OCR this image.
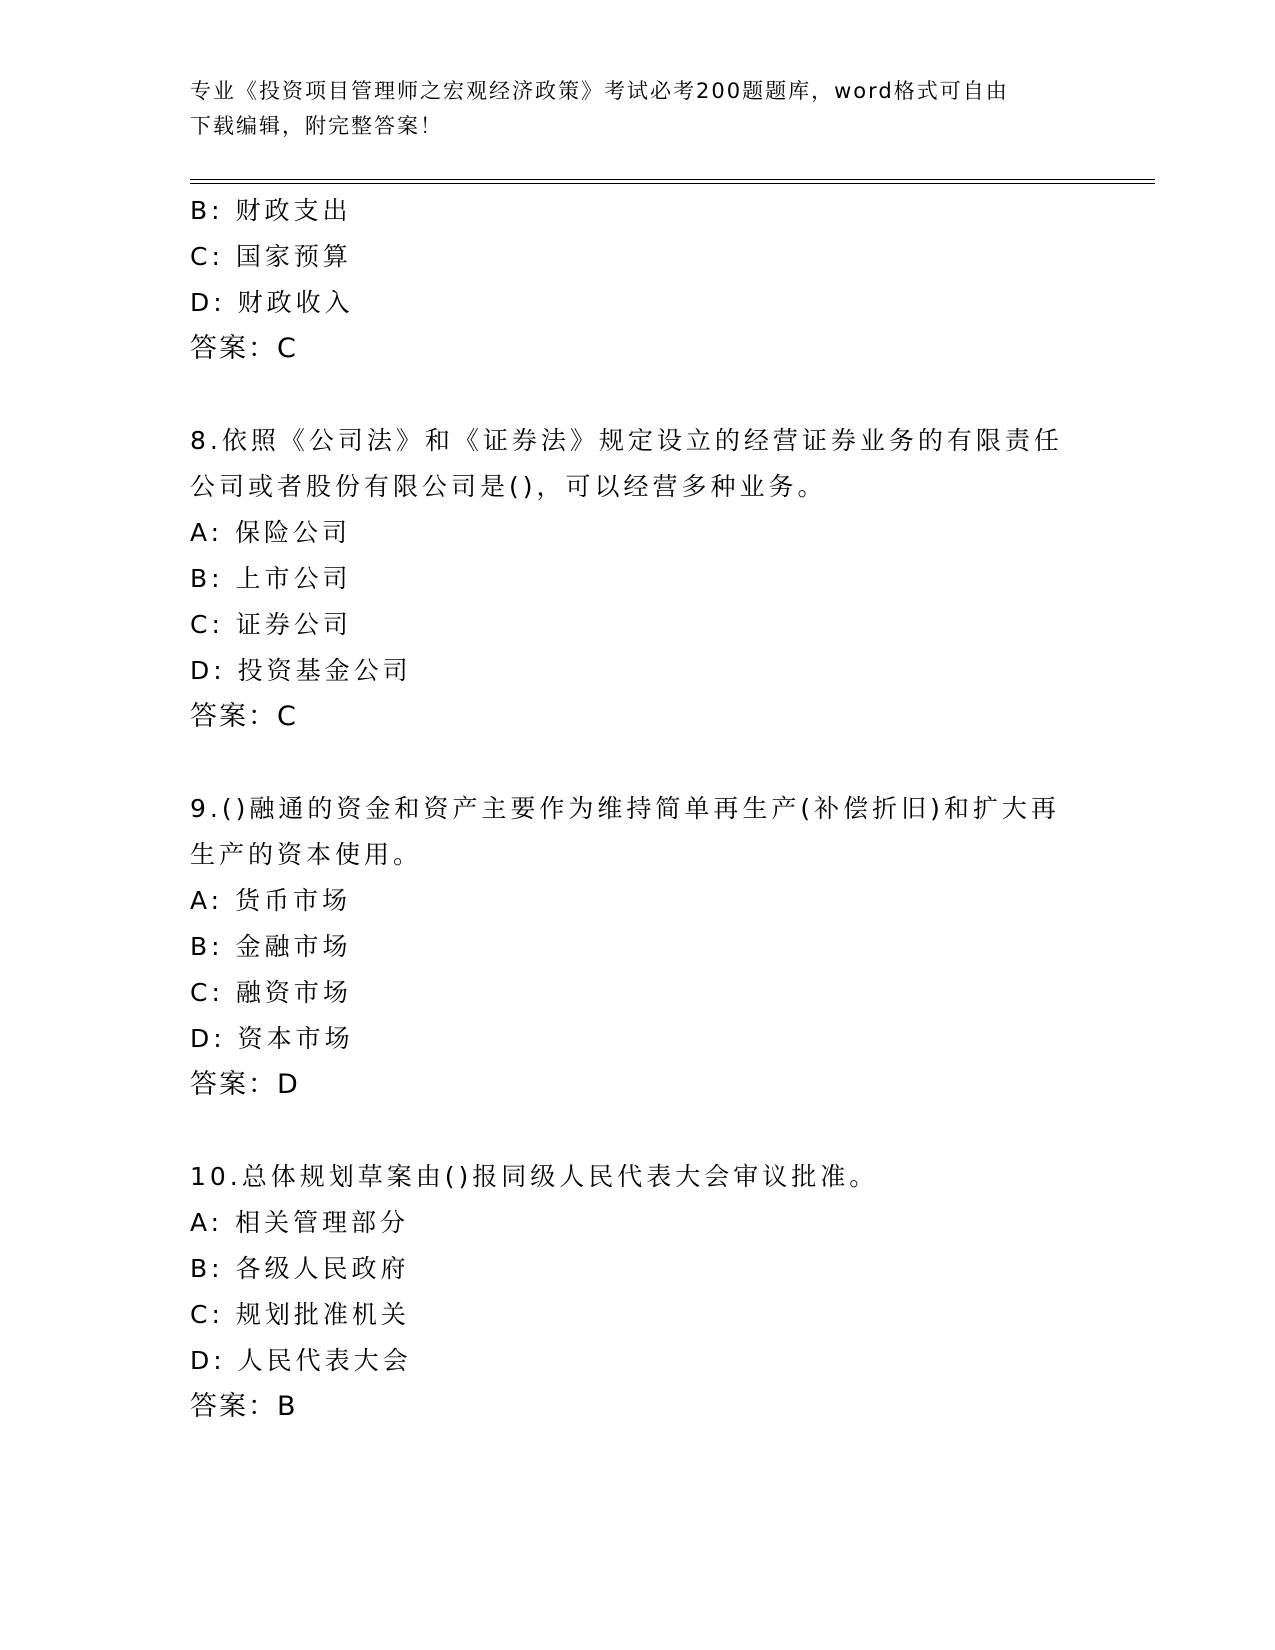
专业《投资项目管理师之宏观经济政策》考试必考200题题库，word格式可自由
下载编辑，附完整答案！

B: 财政支出

C: 国家预算

D: 财政收入

答案：C

8.依照《公司法》和《证券法》规定设立的经营证券业务的有限责任

公司或者股份有限公司是()，可以经营多种业务。

A: 保险公司

B: 上市公司

C: 证券公司

D: 投资基金公司

答案：C

9.()融通的资金和资产主要作为维持简单再生产(补偿折旧)和扩大再

生产的资本使用。

A: 货币市场

B: 金融市场

C: 融资市场

D: 资本市场

答案：D

10.总体规划草案由()报同级人民代表大会审议批准。

A: 相关管理部分

B: 各级人民政府

C: 规划批准机关

D: 人民代表大会

答案：B
